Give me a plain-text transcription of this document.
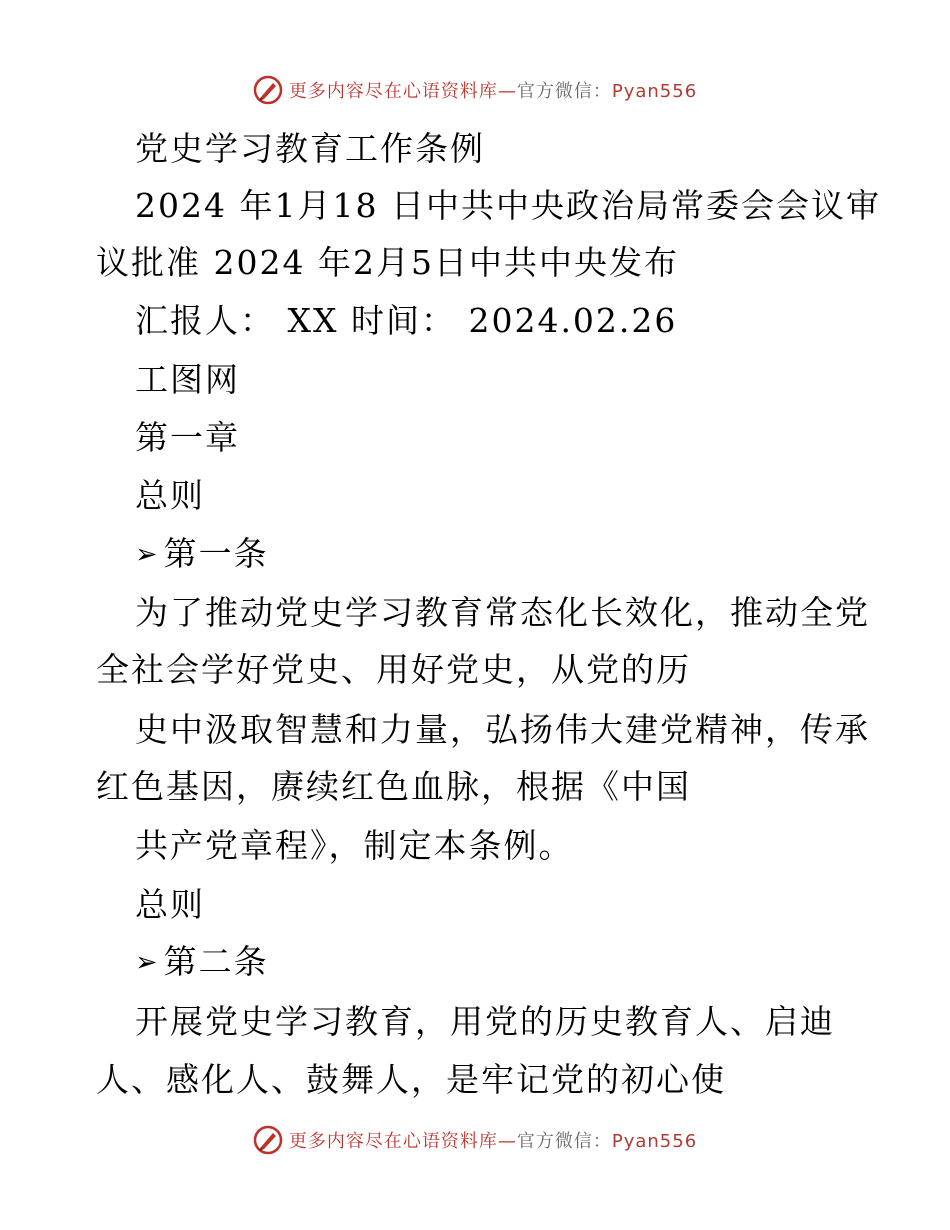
更多内容尽在心语资料库—官方微信：Pyan556
党史学习教育工作条例
2024 年1月18 日中共中央政治局常委会会议审
议批准 2024 年2月5日中共中央发布
汇报人： XX 时间： 2024.02.26
工图网
第一章
总则
➢ 第一条
为了推动党史学习教育常态化长效化，推动全党
全社会学好党史、用好党史，从党的历
史中汲取智慧和力量，弘扬伟大建党精神，传承
红色基因，赓续红色血脉，根据《中国
共产党章程》，制定本条例。
总则
➢ 第二条
开展党史学习教育，用党的历史教育人、启迪
人、感化人、鼓舞人，是牢记党的初心使
更多内容尽在心语资料库—官方微信：Pyan556
